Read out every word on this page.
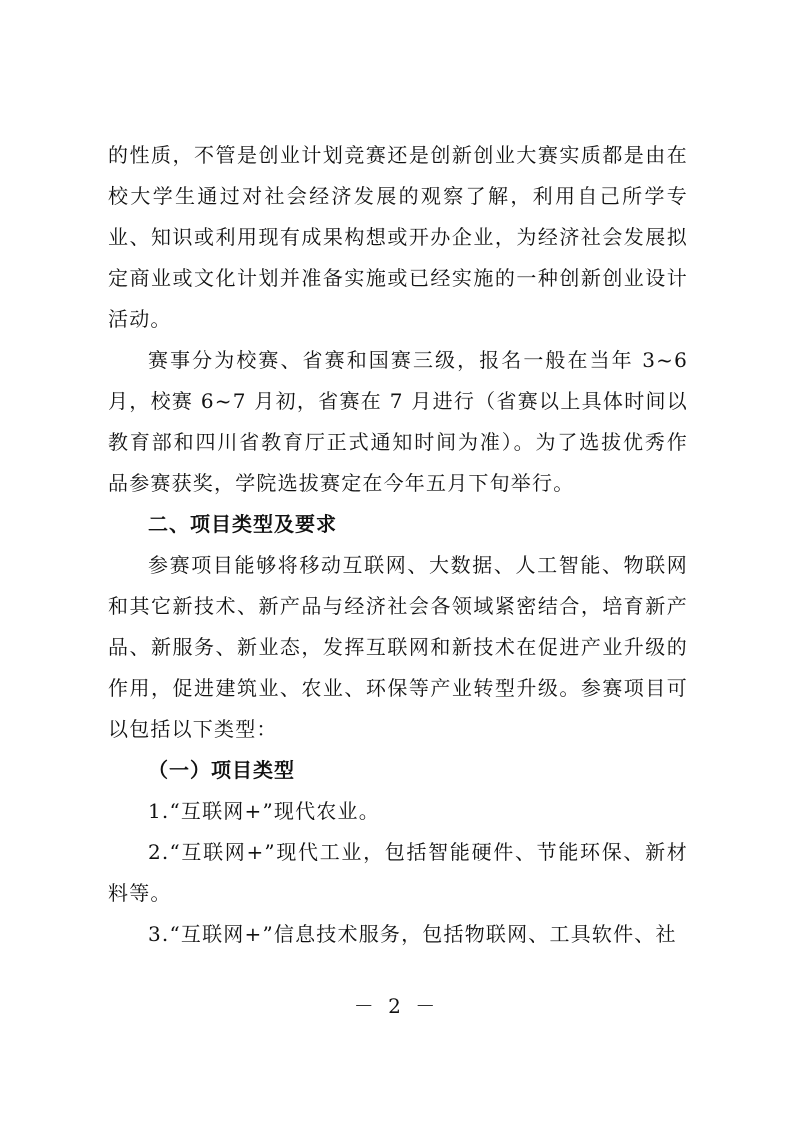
的性质，不管是创业计划竞赛还是创新创业大赛实质都是由在校大学生通过对社会经济发展的观察了解，利用自己所学专业、知识或利用现有成果构想或开办企业，为经济社会发展拟定商业或文化计划并准备实施或已经实施的一种创新创业设计活动。

赛事分为校赛、省赛和国赛三级，报名一般在当年 3~6 月，校赛 6~7 月初，省赛在 7 月进行（省赛以上具体时间以教育部和四川省教育厅正式通知时间为准）。为了选拔优秀作品参赛获奖，学院选拔赛定在今年五月下旬举行。

二、项目类型及要求

参赛项目能够将移动互联网、大数据、人工智能、物联网和其它新技术、新产品与经济社会各领域紧密结合，培育新产品、新服务、新业态，发挥互联网和新技术在促进产业升级的作用，促进建筑业、农业、环保等产业转型升级。参赛项目可以包括以下类型：

（一）项目类型

1.“互联网+”现代农业。

2.“互联网+”现代工业，包括智能硬件、节能环保、新材料等。

3.“互联网+”信息技术服务，包括物联网、工具软件、社

－ 2 －
